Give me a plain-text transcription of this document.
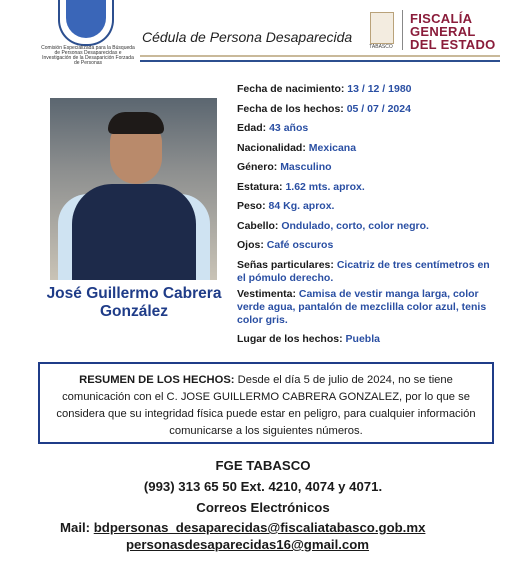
Comisión Especializada para la Búsqueda de Personas Desaparecidas e Investigación de la Desaparición Forzada de Personas
Cédula de Persona Desaparecida
TABASCO
FISCALÍA
GENERAL
DEL ESTADO
José Guillermo Cabrera González
Fecha de nacimiento: 13 / 12 / 1980
Fecha de los hechos: 05 / 07 / 2024
Edad: 43 años
Nacionalidad: Mexicana
Género: Masculino
Estatura: 1.62 mts. aprox.
Peso: 84 Kg. aprox.
Cabello: Ondulado, corto, color negro.
Ojos: Café oscuros
Señas particulares: Cicatriz de tres centímetros en el pómulo derecho.
Vestimenta: Camisa de vestir manga larga, color verde agua, pantalón de mezclilla color azul, tenis color gris.
Lugar de los hechos: Puebla
RESUMEN DE LOS HECHOS: Desde el día 5 de julio de 2024, no se tiene comunicación con el C. JOSE GUILLERMO CABRERA GONZALEZ, por lo que se considera que su integridad física puede estar en peligro, para cualquier información comunicarse a los siguientes números.
FGE TABASCO
(993) 313 65 50 Ext. 4210, 4074 y 4071.
Correos Electrónicos
Mail: bdpersonas_desaparecidas@fiscaliatabasco.gob.mx
personasdesaparecidas16@gmail.com
